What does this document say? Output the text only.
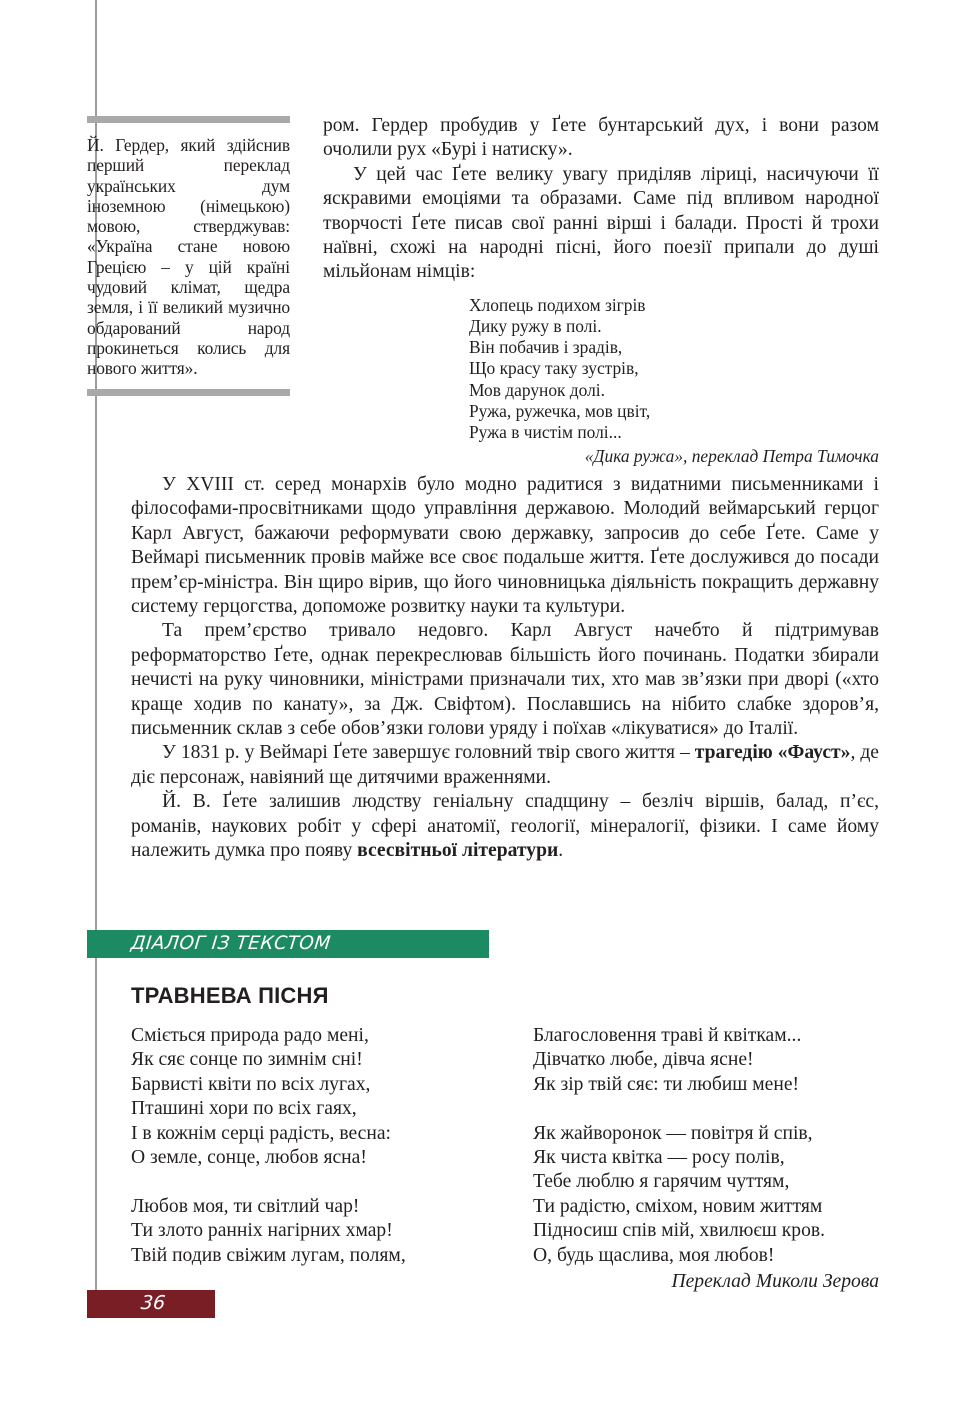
Й. Гердер, який здійснив перший переклад українських дум іноземною (німецькою) мовою, стверджував: «Україна стане новою Грецією – у цій країні чудовий клімат, щедра земля, і її великий музично обдарований народ прокинеться колись для нового життя».

ром. Гердер пробудив у Ґете бунтарський дух, і вони разом очолили рух «Бурі і натиску».

У цей час Ґете велику увагу приділяв ліриці, насичуючи її яскравими емоціями та образами. Саме під впливом народної творчості Ґете писав свої ранні вірші і балади. Прості й трохи наївні, схожі на народні пісні, його поезії припали до душі мільйонам німців:

Хлопець подихом зігрів
Дику ружу в полі.
Він побачив і зрадів,
Що красу таку зустрів,
Мов дарунок долі.
Ружа, ружечка, мов цвіт,
Ружа в чистім полі...
«Дика ружа», переклад Петра Тимочка

У XVIII ст. серед монархів було модно радитися з видатними письменниками і філософами-просвітниками щодо управління державою. Молодий веймарський герцог Карл Август, бажаючи реформувати свою державку, запросив до себе Ґете. Саме у Веймарі письменник провів майже все своє подальше життя. Ґете дослужився до посади прем’єр-міністра. Він щиро вірив, що його чиновницька діяльність покращить державну систему герцогства, допоможе розвитку науки та культури.

Та прем’єрство тривало недовго. Карл Август начебто й підтримував реформаторство Ґете, однак перекреслював більшість його починань. Податки збирали нечисті на руку чиновники, міністрами призначали тих, хто мав зв’язки при дворі («хто краще ходив по канату», за Дж. Свіфтом). Пославшись на нібито слабке здоров’я, письменник склав з себе обов’язки голови уряду і поїхав «лікуватися» до Італії.

У 1831 р. у Веймарі Ґете завершує головний твір свого життя – трагедію «Фауст», де діє персонаж, навіяний ще дитячими враженнями.

Й. В. Ґете залишив людству геніальну спадщину – безліч віршів, балад, п’єс, романів, наукових робіт у сфері анатомії, геології, мінералогії, фізики. І саме йому належить думка про появу всесвітньої літератури.

ДІАЛОГ ІЗ ТЕКСТОМ
ТРАВНЕВА ПІСНЯ
Сміється природа радо мені,
Як сяє сонце по зимнім сні!
Барвисті квіти по всіх лугах,
Пташині хори по всіх гаях,
І в кожнім серці радість, весна:
О земле, сонце, любов ясна!
Любов моя, ти світлий чар!
Ти злото ранніх нагірних хмар!
Твій подив свіжим лугам, полям,
Благословення траві й квіткам...
Дівчатко любе, дівча ясне!
Як зір твій сяє: ти любиш мене!
Як жайворонок — повітря й спів,
Як чиста квітка — росу полів,
Тебе люблю я гарячим чуттям,
Ти радістю, сміхом, новим життям
Підносиш спів мій, хвилюєш кров.
О, будь щаслива, моя любов!
Переклад Миколи Зерова
36
